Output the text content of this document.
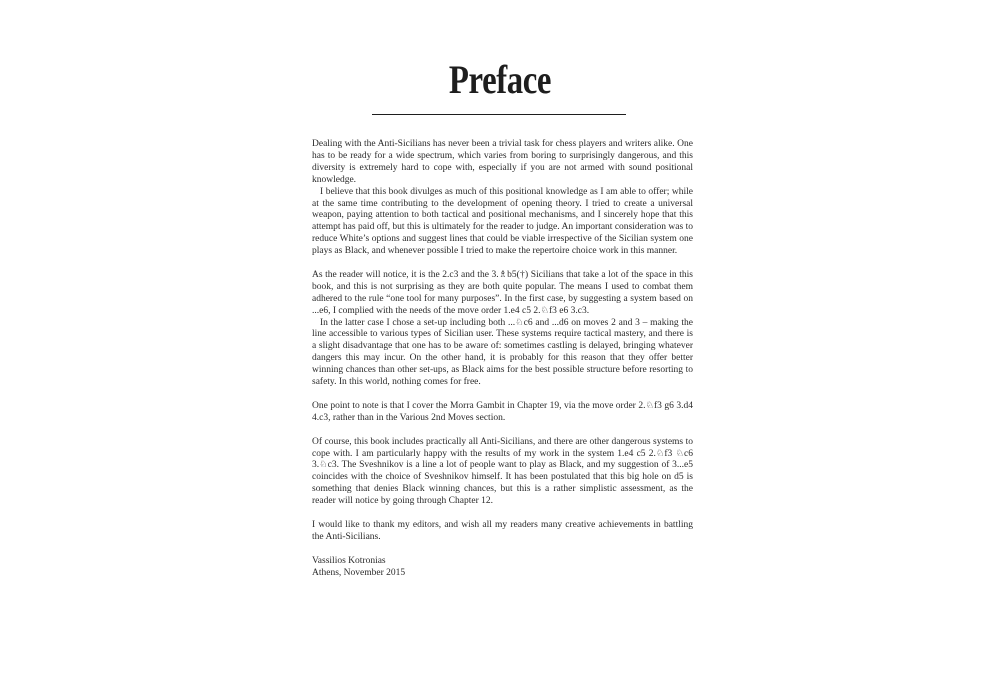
Preface

Dealing with the Anti-Sicilians has never been a trivial task for chess players and writers alike. One has to be ready for a wide spectrum, which varies from boring to surprisingly dangerous, and this diversity is extremely hard to cope with, especially if you are not armed with sound positional knowledge.

I believe that this book divulges as much of this positional knowledge as I am able to offer; while at the same time contributing to the development of opening theory. I tried to create a universal weapon, paying attention to both tactical and positional mechanisms, and I sincerely hope that this attempt has paid off, but this is ultimately for the reader to judge. An important consideration was to reduce White’s options and suggest lines that could be viable irrespective of the Sicilian system one plays as Black, and whenever possible I tried to make the repertoire choice work in this manner.

As the reader will notice, it is the 2.c3 and the 3.♗b5(†) Sicilians that take a lot of the space in this book, and this is not surprising as they are both quite popular. The means I used to combat them adhered to the rule “one tool for many purposes”. In the first case, by suggesting a system based on ...e6, I complied with the needs of the move order 1.e4 c5 2.♘f3 e6 3.c3.

In the latter case I chose a set-up including both ...♘c6 and ...d6 on moves 2 and 3 – making the line accessible to various types of Sicilian user. These systems require tactical mastery, and there is a slight disadvantage that one has to be aware of: sometimes castling is delayed, bringing whatever dangers this may incur. On the other hand, it is probably for this reason that they offer better winning chances than other set-ups, as Black aims for the best possible structure before resorting to safety. In this world, nothing comes for free.

One point to note is that I cover the Morra Gambit in Chapter 19, via the move order 2.♘f3 g6 3.d4 4.c3, rather than in the Various 2nd Moves section.

Of course, this book includes practically all Anti-Sicilians, and there are other dangerous systems to cope with. I am particularly happy with the results of my work in the system 1.e4 c5 2.♘f3 ♘c6 3.♘c3. The Sveshnikov is a line a lot of people want to play as Black, and my suggestion of 3...e5 coincides with the choice of Sveshnikov himself. It has been postulated that this big hole on d5 is something that denies Black winning chances, but this is a rather simplistic assessment, as the reader will notice by going through Chapter 12.

I would like to thank my editors, and wish all my readers many creative achievements in battling the Anti-Sicilians.

Vassilios Kotronias

Athens, November 2015
